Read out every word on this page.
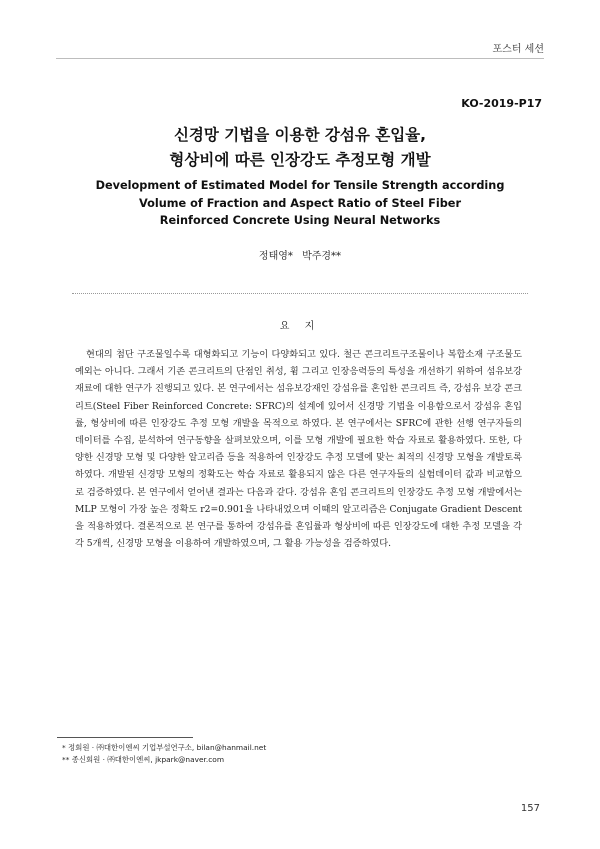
포스터 세션
KO-2019-P17
신경망 기법을 이용한 강섬유 혼입율,
형상비에 따른 인장강도 추정모형 개발
Development of Estimated Model for Tensile Strength according
Volume of Fraction and Aspect Ratio of Steel Fiber
Reinforced Concrete Using Neural Networks
정태영* 박주경**
요 지

현대의 첨단 구조물일수록 대형화되고 기능이 다양화되고 있다. 철근 콘크리트구조물이나 복합소재 구조물도 예외는 아니다. 그래서 기존 콘크리트의 단점인 취성, 휨 그리고 인장응력등의 특성을 개선하기 위하여 섬유보강 재료에 대한 연구가 진행되고 있다. 본 연구에서는 섬유보강재인 강섬유를 혼입한 콘크리트 즉, 강섬유 보강 콘크리트(Steel Fiber Reinforced Concrete: SFRC)의 설계에 있어서 신경망 기법을 이용함으로서 강섬유 혼입률, 형상비에 따른 인장강도 추정 모형 개발을 목적으로 하였다. 본 연구에서는 SFRC에 관한 선행 연구자들의 데이터를 수집, 분석하여 연구동향을 살펴보았으며, 이를 모형 개발에 필요한 학습 자료로 활용하였다. 또한, 다양한 신경망 모형 및 다양한 알고리즘 등을 적용하여 인장강도 추정 모델에 맞는 최적의 신경망 모형을 개발토록 하였다. 개발된 신경망 모형의 정확도는 학습 자료로 활용되지 않은 다른 연구자들의 실험데이터 값과 비교함으로 검증하였다. 본 연구에서 얻어낸 결과는 다음과 같다. 강섬유 혼입 콘크리트의 인장강도 추정 모형 개발에서는 MLP 모형이 가장 높은 정확도 r2=0.901을 나타내었으며 이때의 알고리즘은 Conjugate Gradient Descent을 적용하였다. 결론적으로 본 연구를 통하여 강섬유를 혼입률과 형상비에 따른 인장강도에 대한 추정 모델을 각각 5개씩, 신경망 모형을 이용하여 개발하였으며, 그 활용 가능성을 검증하였다.

* 정회원 · ㈜대한이엔씨 기업부설연구소, bilan@hanmail.net
** 종신회원 · ㈜대한이엔씨, jkpark@naver.com
157
